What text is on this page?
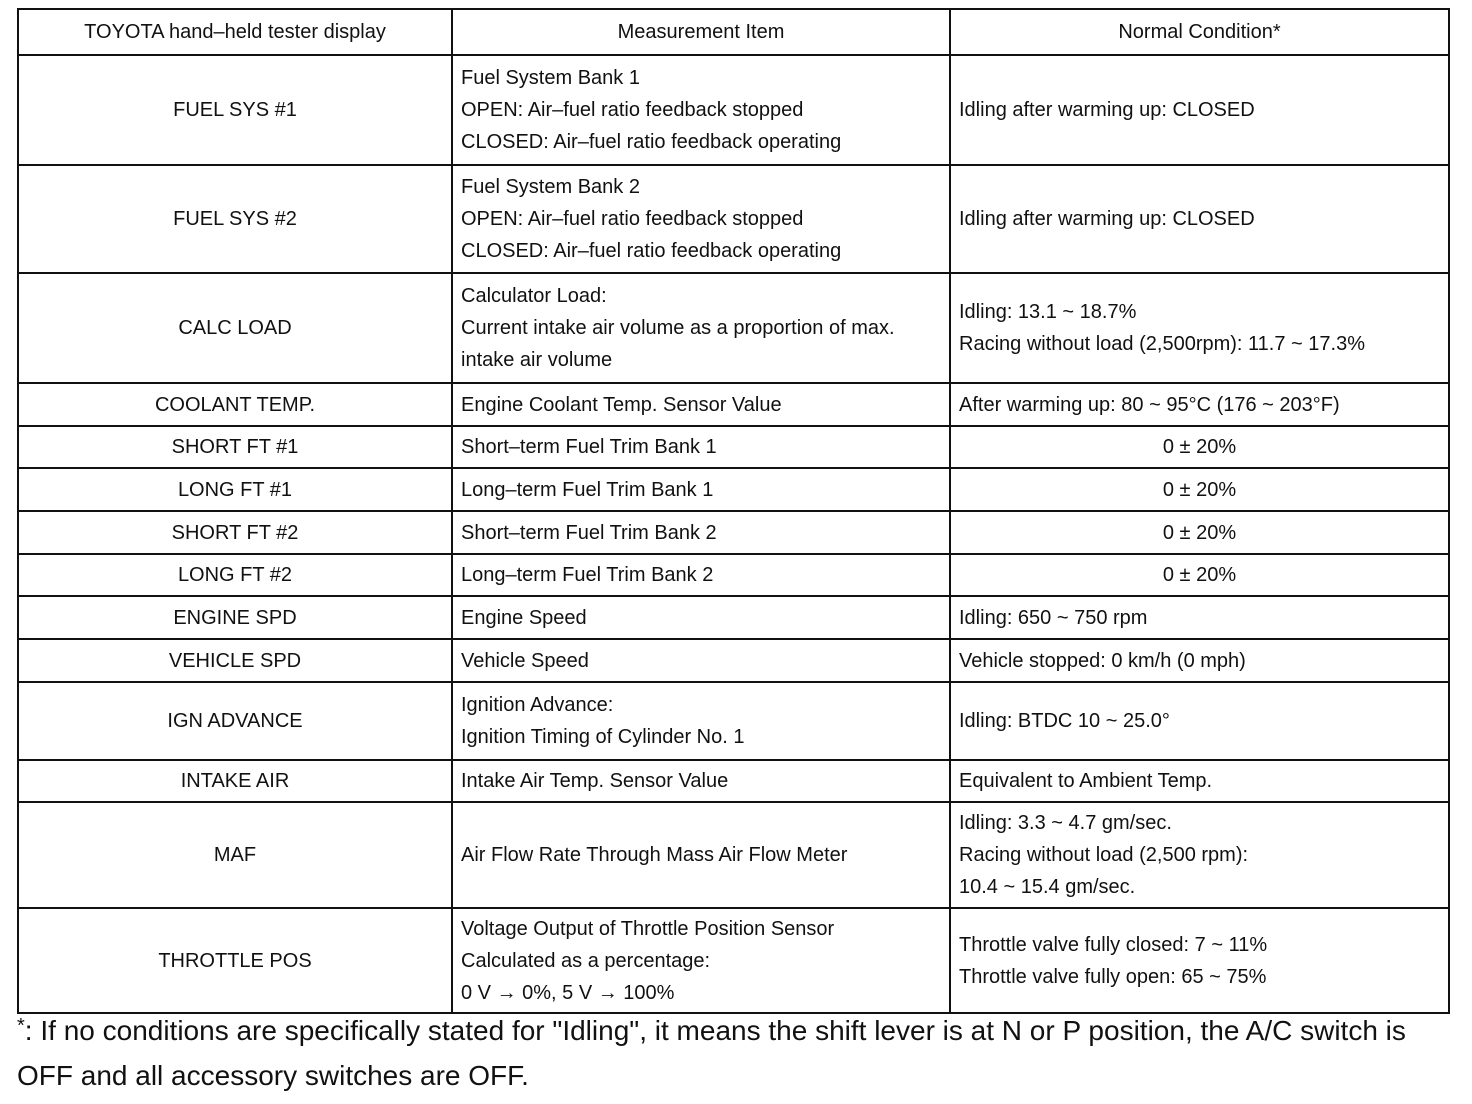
TOYOTA hand–held tester display	Measurement Item	Normal Condition*

FUEL SYS #1	Fuel System Bank 1
OPEN: Air–fuel ratio feedback stopped
CLOSED: Air–fuel ratio feedback operating	Idling after warming up: CLOSED

FUEL SYS #2	Fuel System Bank 2
OPEN: Air–fuel ratio feedback stopped
CLOSED: Air–fuel ratio feedback operating	Idling after warming up: CLOSED

CALC LOAD	Calculator Load:
Current intake air volume as a proportion of max.
intake air volume	Idling: 13.1 ~ 18.7%
Racing without load (2,500rpm): 11.7 ~ 17.3%

COOLANT TEMP.	Engine Coolant Temp. Sensor Value	After warming up: 80 ~ 95°C (176 ~ 203°F)

SHORT FT #1	Short–term Fuel Trim Bank 1	0 ± 20%

LONG FT #1	Long–term Fuel Trim Bank 1	0 ± 20%

SHORT FT #2	Short–term Fuel Trim Bank 2	0 ± 20%

LONG FT #2	Long–term Fuel Trim Bank 2	0 ± 20%

ENGINE SPD	Engine Speed	Idling: 650 ~ 750 rpm

VEHICLE SPD	Vehicle Speed	Vehicle stopped: 0 km/h (0 mph)

IGN ADVANCE	Ignition Advance:
Ignition Timing of Cylinder No. 1	Idling: BTDC 10 ~ 25.0°

INTAKE AIR	Intake Air Temp. Sensor Value	Equivalent to Ambient Temp.

MAF	Air Flow Rate Through Mass Air Flow Meter	Idling: 3.3 ~ 4.7 gm/sec.
Racing without load (2,500 rpm):
10.4 ~ 15.4 gm/sec.

THROTTLE POS	Voltage Output of Throttle Position Sensor
Calculated as a percentage:
0 V → 0%, 5 V → 100%	Throttle valve fully closed: 7 ~ 11%
Throttle valve fully open: 65 ~ 75%
*: If no conditions are specifically stated for "Idling", it means the shift lever is at N or P position, the A/C switch is OFF and all accessory switches are OFF.
